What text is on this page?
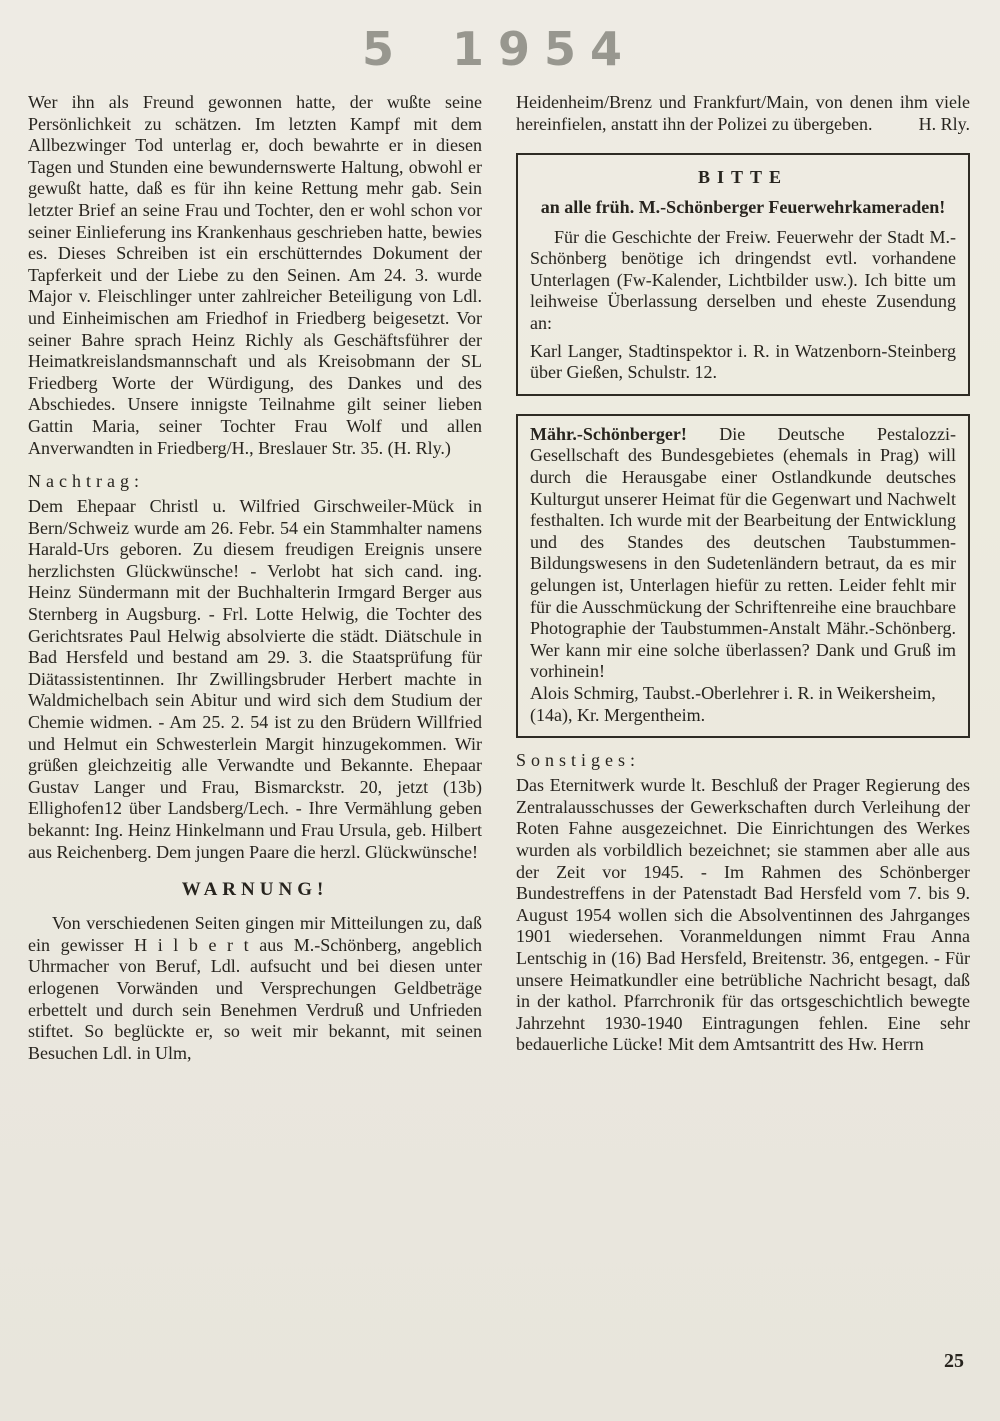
5 1954

Wer ihn als Freund gewonnen hatte, der wußte seine Persönlichkeit zu schätzen. Im letzten Kampf mit dem Allbezwinger Tod unterlag er, doch bewahrte er in diesen Tagen und Stunden eine bewundernswerte Haltung, obwohl er gewußt hatte, daß es für ihn keine Rettung mehr gab. Sein letzter Brief an seine Frau und Tochter, den er wohl schon vor seiner Einlieferung ins Krankenhaus geschrieben hatte, bewies es. Dieses Schreiben ist ein erschütterndes Dokument der Tapferkeit und der Liebe zu den Seinen. Am 24. 3. wurde Major v. Fleischlinger unter zahlreicher Beteiligung von Ldl. und Einheimischen am Friedhof in Friedberg beigesetzt. Vor seiner Bahre sprach Heinz Richly als Geschäftsführer der Heimatkreislandsmannschaft und als Kreisobmann der SL Friedberg Worte der Würdigung, des Dankes und des Abschiedes. Unsere innigste Teilnahme gilt seiner lieben Gattin Maria, seiner Tochter Frau Wolf und allen Anverwandten in Friedberg/H., Breslauer Str. 35. (H. Rly.)

Nachtrag:

Dem Ehepaar Christl u. Wilfried Girschweiler-Mück in Bern/Schweiz wurde am 26. Febr. 54 ein Stammhalter namens Harald-Urs geboren. Zu diesem freudigen Ereignis unsere herzlichsten Glückwünsche! - Verlobt hat sich cand. ing. Heinz Sündermann mit der Buchhalterin Irmgard Berger aus Sternberg in Augsburg. - Frl. Lotte Helwig, die Tochter des Gerichtsrates Paul Helwig absolvierte die städt. Diätschule in Bad Hersfeld und bestand am 29. 3. die Staatsprüfung für Diätassistentinnen. Ihr Zwillingsbruder Herbert machte in Waldmichelbach sein Abitur und wird sich dem Studium der Chemie widmen. - Am 25. 2. 54 ist zu den Brüdern Willfried und Helmut ein Schwesterlein Margit hinzugekommen. Wir grüßen gleichzeitig alle Verwandte und Bekannte. Ehepaar Gustav Langer und Frau, Bismarckstr. 20, jetzt (13b) Ellighofen12 über Landsberg/Lech. - Ihre Vermählung geben bekannt: Ing. Heinz Hinkelmann und Frau Ursula, geb. Hilbert aus Reichenberg. Dem jungen Paare die herzl. Glückwünsche!

WARNUNG!

Von verschiedenen Seiten gingen mir Mitteilungen zu, daß ein gewisser H i l b e r t aus M.-Schönberg, angeblich Uhrmacher von Beruf, Ldl. aufsucht und bei diesen unter erlogenen Vorwänden und Versprechungen Geldbeträge erbettelt und durch sein Benehmen Verdruß und Unfrieden stiftet. So beglückte er, so weit mir bekannt, mit seinen Besuchen Ldl. in Ulm,

Heidenheim/Brenz und Frankfurt/Main, von denen ihm viele hereinfielen, anstatt ihn der Polizei zu übergeben.	H. Rly.

BITTE

an alle früh. M.-Schönberger Feuerwehrkameraden!

Für die Geschichte der Freiw. Feuerwehr der Stadt M.-Schönberg benötige ich dringendst evtl. vorhandene Unterlagen (Fw-Kalender, Lichtbilder usw.). Ich bitte um leihweise Überlassung derselben und eheste Zusendung an:

Karl Langer, Stadtinspektor i. R. in Watzenborn-Steinberg über Gießen, Schulstr. 12.

Mähr.-Schönberger! Die Deutsche Pestalozzi-Gesellschaft des Bundesgebietes (ehemals in Prag) will durch die Herausgabe einer Ostlandkunde deutsches Kulturgut unserer Heimat für die Gegenwart und Nachwelt festhalten. Ich wurde mit der Bearbeitung der Entwicklung und des Standes des deutschen Taubstummen-Bildungswesens in den Sudetenländern betraut, da es mir gelungen ist, Unterlagen hiefür zu retten. Leider fehlt mir für die Ausschmückung der Schriftenreihe eine brauchbare Photographie der Taubstummen-Anstalt Mähr.-Schönberg. Wer kann mir eine solche überlassen? Dank und Gruß im vorhinein!

Alois Schmirg, Taubst.-Oberlehrer i. R. in Weikersheim, (14a), Kr. Mergentheim.

Sonstiges:

Das Eternitwerk wurde lt. Beschluß der Prager Regierung des Zentralausschusses der Gewerkschaften durch Verleihung der Roten Fahne ausgezeichnet. Die Einrichtungen des Werkes wurden als vorbildlich bezeichnet; sie stammen aber alle aus der Zeit vor 1945. - Im Rahmen des Schönberger Bundestreffens in der Patenstadt Bad Hersfeld vom 7. bis 9. August 1954 wollen sich die Absolventinnen des Jahrganges 1901 wiedersehen. Voranmeldungen nimmt Frau Anna Lentschig in (16) Bad Hersfeld, Breitenstr. 36, entgegen. - Für unsere Heimatkundler eine betrübliche Nachricht besagt, daß in der kathol. Pfarrchronik für das ortsgeschichtlich bewegte Jahrzehnt 1930-1940 Eintragungen fehlen. Eine sehr bedauerliche Lücke! Mit dem Amtsantritt des Hw. Herrn

25
